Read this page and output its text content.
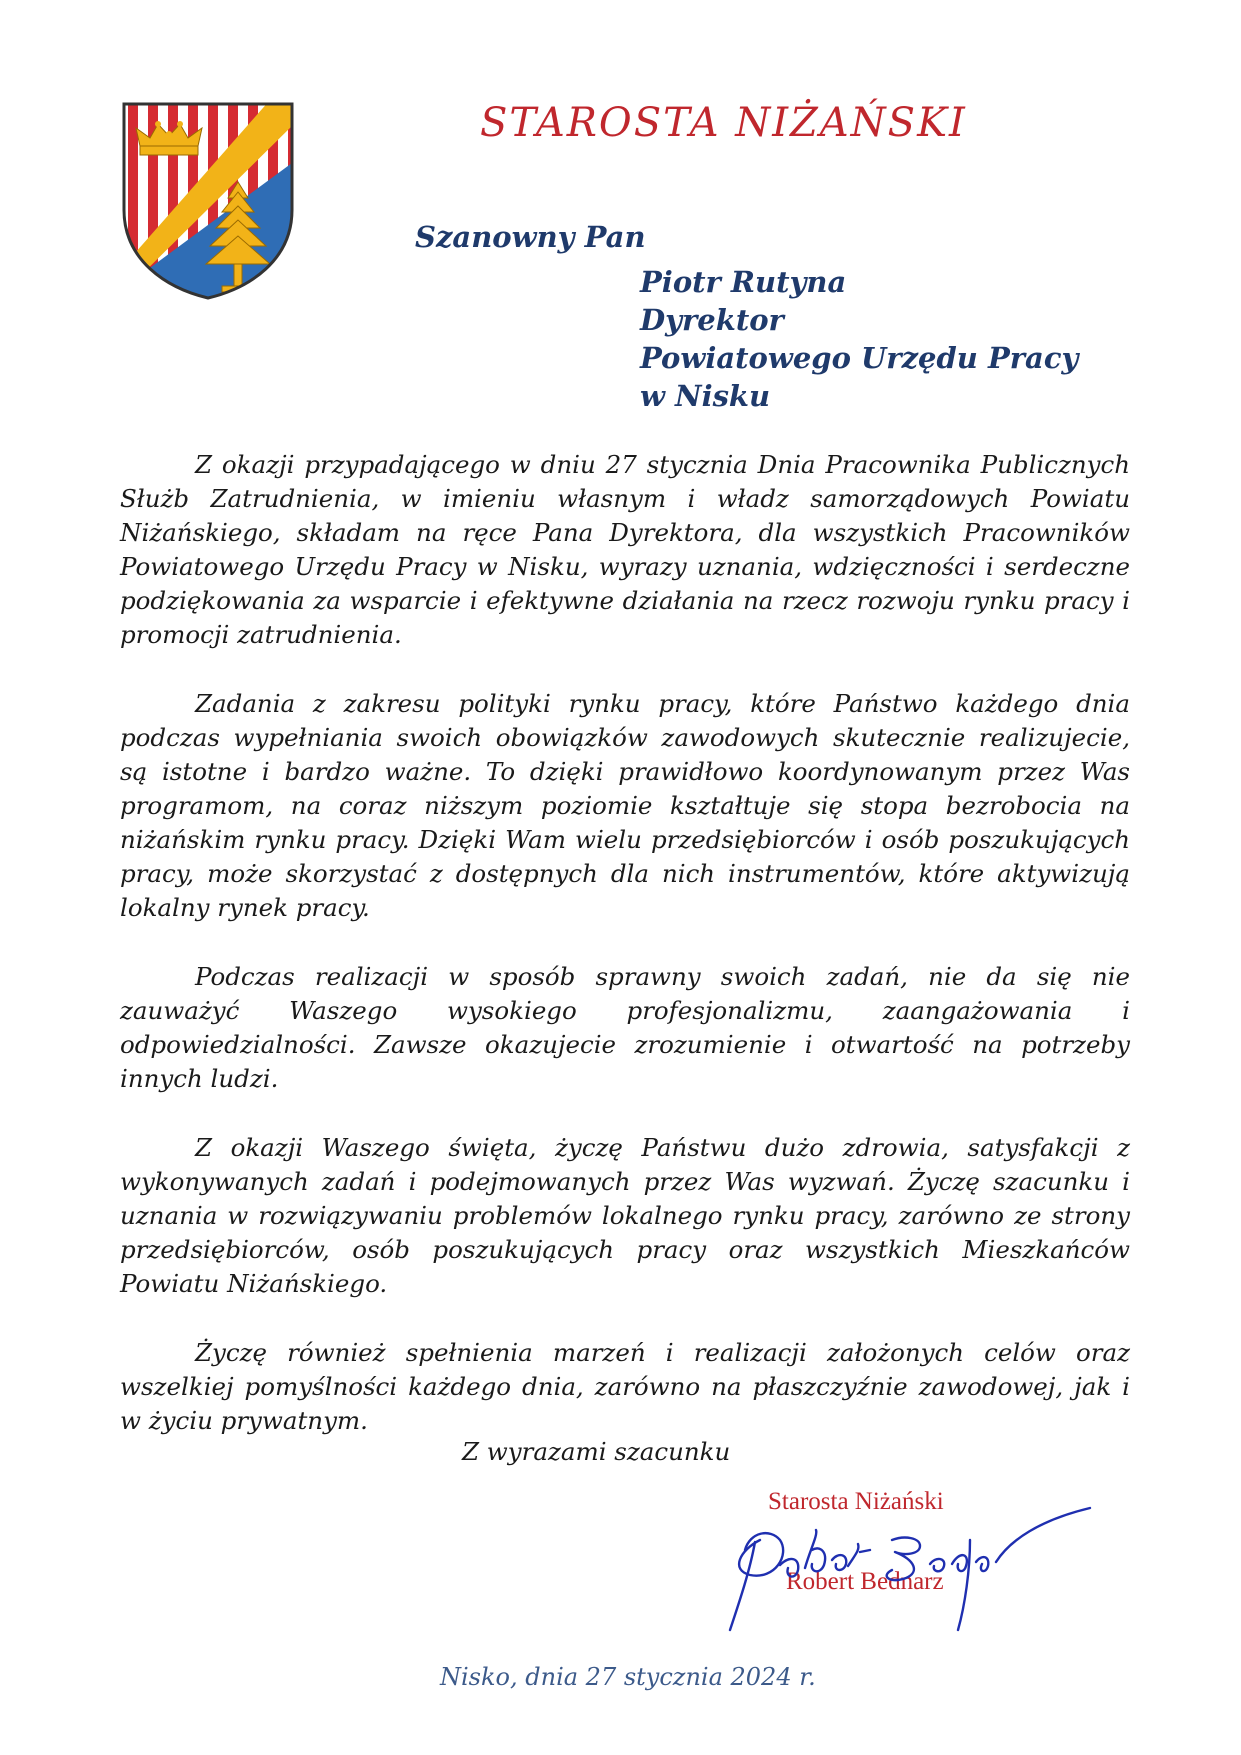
STAROSTA NIŻAŃSKI
Szanowny Pan
Piotr Rutyna
Dyrektor
Powiatowego Urzędu Pracy
w Nisku

Z okazji przypadającego w dniu 27 stycznia Dnia Pracownika Publicznych Służb Zatrudnienia, w imieniu własnym i władz samorządowych Powiatu Niżańskiego, składam na ręce Pana Dyrektora, dla wszystkich Pracowników Powiatowego Urzędu Pracy w Nisku, wyrazy uznania, wdzięczności i serdeczne podziękowania za wsparcie i efektywne działania na rzecz rozwoju rynku pracy i promocji zatrudnienia.

Zadania z zakresu polityki rynku pracy, które Państwo każdego dnia podczas wypełniania swoich obowiązków zawodowych skutecznie realizujecie, są istotne i bardzo ważne. To dzięki prawidłowo koordynowanym przez Was programom, na coraz niższym poziomie kształtuje się stopa bezrobocia na niżańskim rynku pracy. Dzięki Wam wielu przedsiębiorców i osób poszukujących pracy, może skorzystać z dostępnych dla nich instrumentów, które aktywizują lokalny rynek pracy.

Podczas realizacji w sposób sprawny swoich zadań, nie da się nie zauważyć Waszego wysokiego profesjonalizmu, zaangażowania i odpowiedzialności. Zawsze okazujecie zrozumienie i otwartość na potrzeby innych ludzi.

Z okazji Waszego święta, życzę Państwu dużo zdrowia, satysfakcji z wykonywanych zadań i podejmowanych przez Was wyzwań. Życzę szacunku i uznania w rozwiązywaniu problemów lokalnego rynku pracy, zarówno ze strony przedsiębiorców, osób poszukujących pracy oraz wszystkich Mieszkańców Powiatu Niżańskiego.

Życzę również spełnienia marzeń i realizacji założonych celów oraz wszelkiej pomyślności każdego dnia, zarówno na płaszczyźnie zawodowej, jak i w życiu prywatnym.

Z wyrazami szacunku
Starosta Niżański
Robert Bednarz
Nisko, dnia 27 stycznia 2024 r.
